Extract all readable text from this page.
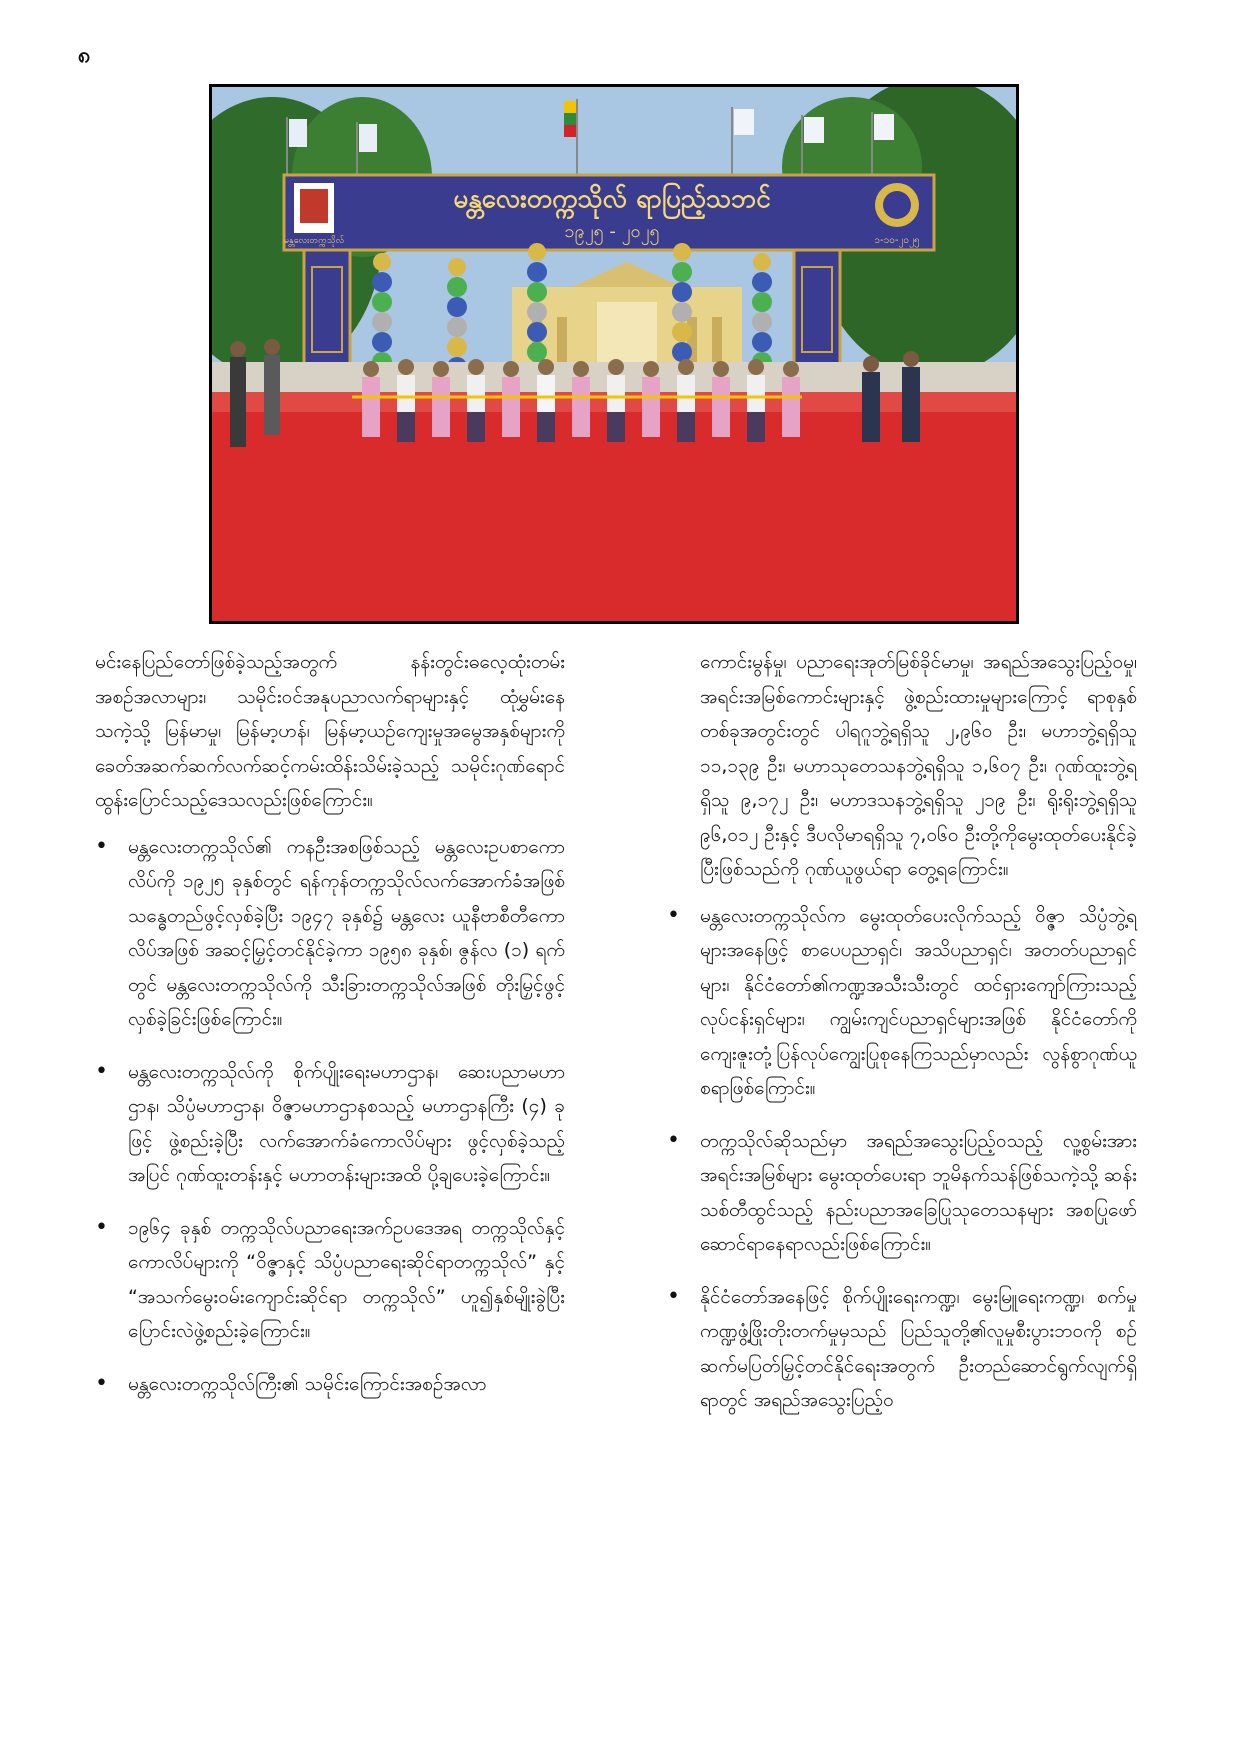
၈
မန္တလေးတက္ကသိုလ် ရာပြည့်သဘင်
၁၉၂၅ - ၂၀၂၅
မန္တလေးတက္ကသိုလ်	၁-၁၀-၂၀၂၅

မင်းနေပြည်တော်ဖြစ်ခဲ့သည့်အတွက် နန်းတွင်းဓလေ့ထုံးတမ်းအစဉ်အလာများ၊ သမိုင်းဝင်အနုပညာလက်ရာများနှင့် ထုံမွှမ်းနေသကဲ့သို့ မြန်မာမှု၊ မြန်မာ့ဟန်၊ မြန်မာ့ယဉ်ကျေးမှုအမွေအနှစ်များကို ခေတ်အဆက်ဆက်လက်ဆင့်ကမ်းထိန်းသိမ်းခဲ့သည့် သမိုင်းဂုဏ်ရောင်ထွန်းပြောင်သည့်ဒေသလည်းဖြစ်ကြောင်း။

• မန္တလေးတက္ကသိုလ်၏ ကနဦးအစဖြစ်သည့် မန္တလေးဥပစာကောလိပ်ကို ၁၉၂၅ ခုနှစ်တွင် ရန်ကုန်တက္ကသိုလ်လက်အောက်ခံအဖြစ် သန္ဓေတည်ဖွင့်လှစ်ခဲ့ပြီး ၁၉၄၇ ခုနှစ်၌ မန္တလေး ယူနီဗာစီတီကောလိပ်အဖြစ် အဆင့်မြှင့်တင်နိုင်ခဲ့ကာ ၁၉၅၈ ခုနှစ်၊ ဇွန်လ (၁) ရက်တွင် မန္တလေးတက္ကသိုလ်ကို သီးခြားတက္ကသိုလ်အဖြစ် တိုးမြှင့်ဖွင့်လှစ်ခဲ့ခြင်းဖြစ်ကြောင်း။
• မန္တလေးတက္ကသိုလ်ကို စိုက်ပျိုးရေးမဟာဌာန၊ ဆေးပညာမဟာဌာန၊ သိပ္ပံမဟာဌာန၊ ဝိဇ္ဇာမဟာဌာနစသည့် မဟာဌာနကြီး (၄) ခုဖြင့် ဖွဲ့စည်းခဲ့ပြီး လက်အောက်ခံကောလိပ်များ ဖွင့်လှစ်ခဲ့သည့်အပြင် ဂုဏ်ထူးတန်းနှင့် မဟာတန်းများအထိ ပို့ချပေးခဲ့ကြောင်း။
• ၁၉၆၄ ခုနှစ် တက္ကသိုလ်ပညာရေးအက်ဥပဒေအရ တက္ကသိုလ်နှင့် ကောလိပ်များကို “ဝိဇ္ဇာနှင့် သိပ္ပံပညာရေးဆိုင်ရာတက္ကသိုလ်” နှင့် “အသက်မွေးဝမ်းကျောင်းဆိုင်ရာ တက္ကသိုလ်” ဟူ၍နှစ်မျိုးခွဲပြီး ပြောင်းလဲဖွဲ့စည်းခဲ့ကြောင်း။
• မန္တလေးတက္ကသိုလ်ကြီး၏ သမိုင်းကြောင်းအစဉ်အလာ

ကောင်းမွန်မှု၊ ပညာရေးအုတ်မြစ်ခိုင်မာမှု၊ အရည်အသွေးပြည့်ဝမှု၊ အရင်းအမြစ်ကောင်းများနှင့် ဖွဲ့စည်းထားမှုများကြောင့် ရာစုနှစ်တစ်ခုအတွင်းတွင် ပါရဂူဘွဲ့ရရှိသူ ၂,၉၆၀ ဦး၊ မဟာဘွဲ့ရရှိသူ ၁၁,၁၃၉ ဦး၊ မဟာသုတေသနဘွဲ့ရရှိသူ ၁,၆၀၇ ဦး၊ ဂုဏ်ထူးဘွဲ့ရရှိသူ ၉,၁၇၂ ဦး၊ မဟာဒသနဘွဲ့ရရှိသူ ၂၁၉ ဦး၊ ရိုးရိုးဘွဲ့ရရှိသူ ၉၆,၀၁၂ ဦးနှင့် ဒီပလိုမာရရှိသူ ၇,၀၆၀ ဦးတို့ကိုမွေးထုတ်ပေးနိုင်ခဲ့ပြီးဖြစ်သည်ကို ဂုဏ်ယူဖွယ်ရာ တွေ့ရကြောင်း။

• မန္တလေးတက္ကသိုလ်က မွေးထုတ်ပေးလိုက်သည့် ဝိဇ္ဇာ သိပ္ပံဘွဲ့ရများအနေဖြင့် စာပေပညာရှင်၊ အသိပညာရှင်၊ အတတ်ပညာရှင်များ၊ နိုင်ငံတော်၏ကဏ္ဍအသီးသီးတွင် ထင်ရှားကျော်ကြားသည့် လုပ်ငန်းရှင်များ၊ ကျွမ်းကျင်ပညာရှင်များအဖြစ် နိုင်ငံတော်ကို ကျေးဇူးတုံ့ပြန်လုပ်ကျွေးပြုစုနေကြသည်မှာလည်း လွန်စွာဂုဏ်ယူစရာဖြစ်ကြောင်း။
• တက္ကသိုလ်ဆိုသည်မှာ အရည်အသွေးပြည့်ဝသည့် လူ့စွမ်းအားအရင်းအမြစ်များ မွေးထုတ်ပေးရာ ဘူမိနက်သန်ဖြစ်သကဲ့သို့ ဆန်းသစ်တီထွင်သည့် နည်းပညာအခြေပြုသုတေသနများ အစပြုဖော်ဆောင်ရာနေရာလည်းဖြစ်ကြောင်း။
• နိုင်ငံတော်အနေဖြင့် စိုက်ပျိုးရေးကဏ္ဍ၊ မွေးမြူရေးကဏ္ဍ၊ စက်မှုကဏ္ဍဖွံ့ဖြိုးတိုးတက်မှုမှသည် ပြည်သူတို့၏လူမှုစီးပွားဘဝကို စဉ်ဆက်မပြတ်မြှင့်တင်နိုင်ရေးအတွက် ဦးတည်ဆောင်ရွက်လျက်ရှိရာတွင် အရည်အသွေးပြည့်ဝ
